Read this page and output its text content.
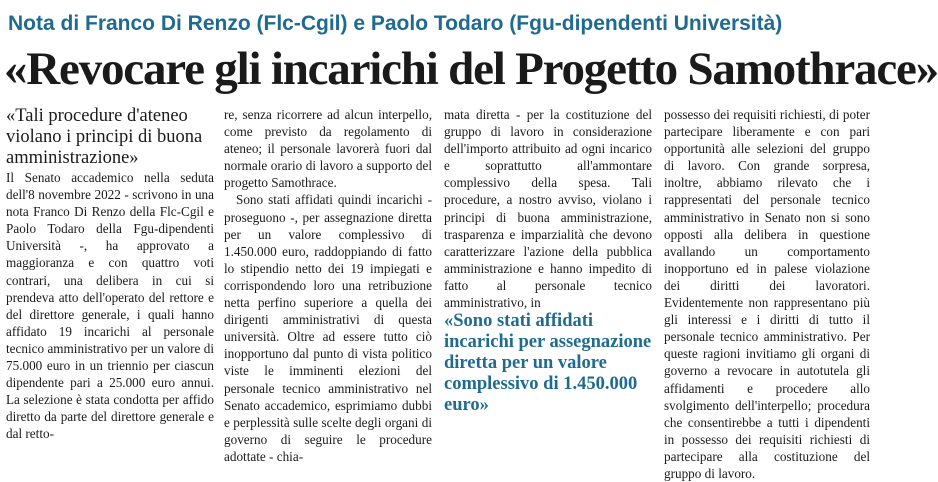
Nota di Franco Di Renzo (Flc-Cgil) e Paolo Todaro (Fgu-dipendenti Università)
«Revocare gli incarichi del Progetto Samothrace»

«Tali procedure d'ateneo violano i principi di buona amministrazione»

Il Senato accademico nella seduta dell'8 novembre 2022 - scrivono in una nota Franco Di Renzo della Flc-Cgil e Paolo Todaro della Fgu-dipendenti Università -, ha approvato a maggioranza e con quattro voti contrari, una delibera in cui si prendeva atto dell'operato del rettore e del direttore generale, i quali hanno affidato 19 incarichi al personale tecnico amministrativo per un valore di 75.000 euro in un triennio per ciascun dipendente pari a 25.000 euro annui. La selezione è stata condotta per affido diretto da parte del direttore generale e dal retto-

re, senza ricorrere ad alcun interpello, come previsto da regolamento di ateneo; il personale lavorerà fuori dal normale orario di lavoro a supporto del progetto Samothrace.

Sono stati affidati quindi incarichi - proseguono -, per assegnazione diretta per un valore complessivo di 1.450.000 euro, raddoppiando di fatto lo stipendio netto dei 19 impiegati e corrispondendo loro una retribuzione netta perfino superiore a quella dei dirigenti amministrativi di questa università. Oltre ad essere tutto ciò inopportuno dal punto di vista politico viste le imminenti elezioni del personale tecnico amministrativo nel Senato accademico, esprimiamo dubbi e perplessità sulle scelte degli organi di governo di seguire le procedure adottate - chia-

mata diretta - per la costituzione del gruppo di lavoro in considerazione dell'importo attribuito ad ogni incarico e soprattutto all'ammontare complessivo della spesa. Tali procedure, a nostro avviso, violano i principi di buona amministrazione, trasparenza e imparzialità che devono caratterizzare l'azione della pubblica amministrazione e hanno impedito di fatto al personale tecnico amministrativo, in

«Sono stati affidati incarichi per assegnazione diretta per un valore complessivo di 1.450.000 euro»

possesso dei requisiti richiesti, di poter partecipare liberamente e con pari opportunità alle selezioni del gruppo di lavoro. Con grande sorpresa, inoltre, abbiamo rilevato che i rappresentati del personale tecnico amministrativo in Senato non si sono opposti alla delibera in questione avallando un comportamento inopportuno ed in palese violazione dei diritti dei lavoratori. Evidentemente non rappresentano più gli interessi e i diritti di tutto il personale tecnico amministrativo. Per queste ragioni invitiamo gli organi di governo a revocare in autotutela gli affidamenti e procedere allo svolgimento dell'interpello; procedura che consentirebbe a tutti i dipendenti in possesso dei requisiti richiesti di partecipare alla costituzione del gruppo di lavoro.
